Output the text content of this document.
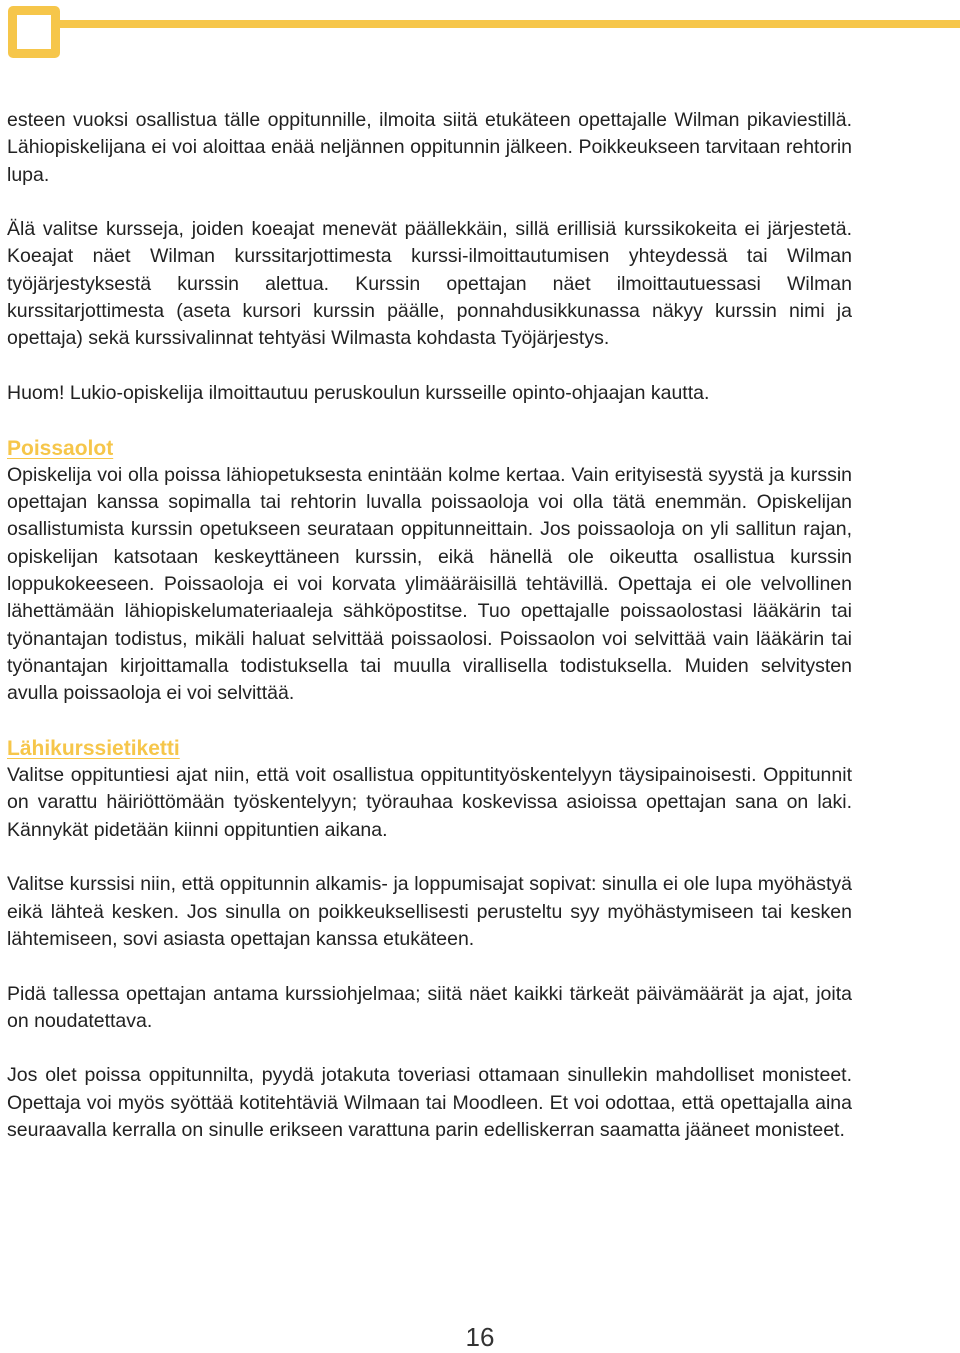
esteen vuoksi osallistua tälle oppitunnille, ilmoita siitä etukäteen opettajalle Wilman pikaviestillä. Lähiopiskelijana ei voi aloittaa enää neljännen oppitunnin jälkeen. Poikkeukseen tarvitaan rehtorin lupa.

Älä valitse kursseja, joiden koeajat menevät päällekkäin, sillä erillisiä kurssikokeita ei järjestetä. Koeajat näet Wilman kurssitarjottimesta kurssi-ilmoittautumisen yhteydessä tai Wilman työjärjestyksestä kurssin alettua. Kurssin opettajan näet ilmoittautuessasi Wilman kurssitarjottimesta (aseta kursori kurssin päälle, ponnahdusikkunassa näkyy kurssin nimi ja opettaja) sekä kurssivalinnat tehtyäsi Wilmasta kohdasta Työjärjestys.

Huom! Lukio-opiskelija ilmoittautuu peruskoulun kursseille opinto-ohjaajan kautta.

Poissaolot

Opiskelija voi olla poissa lähiopetuksesta enintään kolme kertaa. Vain erityisestä syystä ja kurssin opettajan kanssa sopimalla tai rehtorin luvalla poissaoloja voi olla tätä enemmän. Opiskelijan osallistumista kurssin opetukseen seurataan oppitunneittain. Jos poissaoloja on yli sallitun rajan, opiskelijan katsotaan keskeyttäneen kurssin, eikä hänellä ole oikeutta osallistua kurssin loppukokeeseen. Poissaoloja ei voi korvata ylimääräisillä tehtävillä. Opettaja ei ole velvollinen lähettämään lähiopiskelumateriaaleja sähköpostitse. Tuo opettajalle poissaolostasi lääkärin tai työnantajan todistus, mikäli haluat selvittää poissaolosi. Poissaolon voi selvittää vain lääkärin tai työnantajan kirjoittamalla todistuksella tai muulla virallisella todistuksella. Muiden selvitysten avulla poissaoloja ei voi selvittää.

Lähikurssietiketti

Valitse oppituntiesi ajat niin, että voit osallistua oppituntityöskentelyyn täysipainoisesti. Oppitunnit on varattu häiriöttömään työskentelyyn; työrauhaa koskevissa asioissa opettajan sana on laki. Kännykät pidetään kiinni oppituntien aikana.

Valitse kurssisi niin, että oppitunnin alkamis- ja loppumisajat sopivat: sinulla ei ole lupa myöhästyä eikä lähteä kesken. Jos sinulla on poikkeuksellisesti perusteltu syy myöhästymiseen tai kesken lähtemiseen, sovi asiasta opettajan kanssa etukäteen.

Pidä tallessa opettajan antama kurssiohjelmaa; siitä näet kaikki tärkeät päivämäärät ja ajat, joita on noudatettava.

Jos olet poissa oppitunnilta, pyydä jotakuta toveriasi ottamaan sinullekin mahdolliset monisteet. Opettaja voi myös syöttää kotitehtäviä Wilmaan tai Moodleen. Et voi odottaa, että opettajalla aina seuraavalla kerralla on sinulle erikseen varattuna parin edelliskerran saamatta jääneet monisteet.

16
